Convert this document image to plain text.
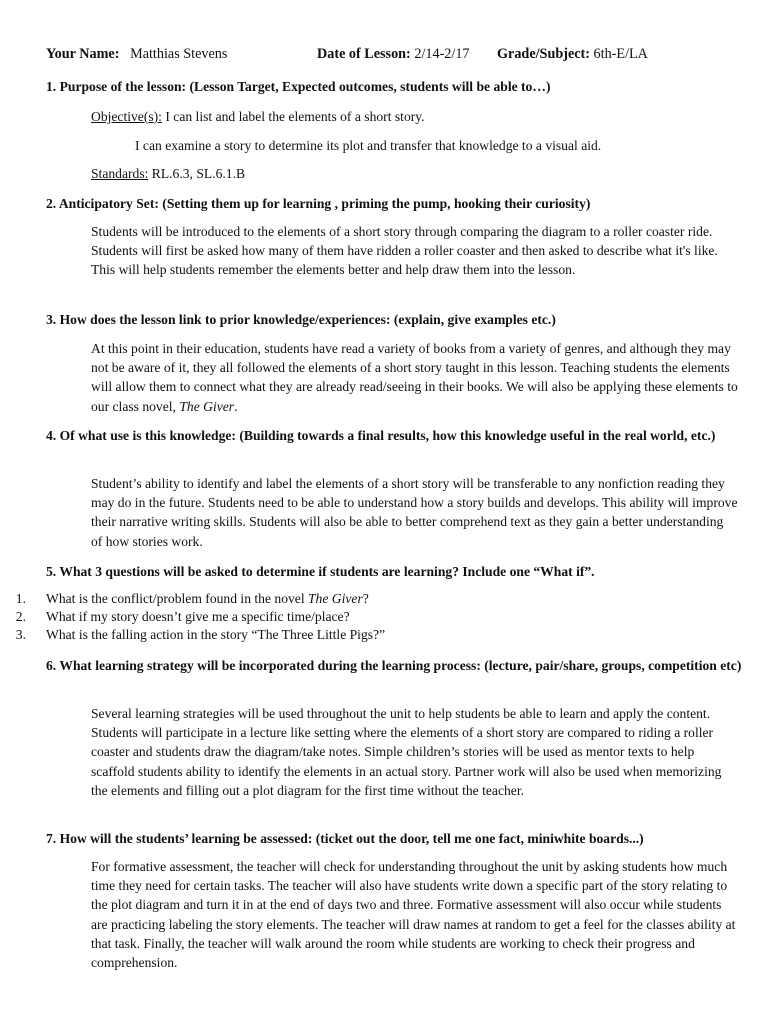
Your Name: Matthias Stevens	Date of Lesson: 2/14-2/17 Grade/Subject: 6th-E/LA
1. Purpose of the lesson: (Lesson Target, Expected outcomes, students will be able to…)
Objective(s): I can list and label the elements of a short story.
I can examine a story to determine its plot and transfer that knowledge to a visual aid.
Standards: RL.6.3, SL.6.1.B
2. Anticipatory Set: (Setting them up for learning , priming the pump, hooking their curiosity)
Students will be introduced to the elements of a short story through comparing the diagram to a roller coaster ride. Students will first be asked how many of them have ridden a roller coaster and then asked to describe what it's like. This will help students remember the elements better and help draw them into the lesson.
3. How does the lesson link to prior knowledge/experiences: (explain, give examples etc.)
At this point in their education, students have read a variety of books from a variety of genres, and although they may not be aware of it, they all followed the elements of a short story taught in this lesson. Teaching students the elements will allow them to connect what they are already read/seeing in their books. We will also be applying these elements to our class novel, The Giver.
4. Of what use is this knowledge: (Building towards a final results, how this knowledge useful in the real world, etc.)
Student’s ability to identify and label the elements of a short story will be transferable to any nonfiction reading they may do in the future. Students need to be able to understand how a story builds and develops. This ability will improve their narrative writing skills. Students will also be able to better comprehend text as they gain a better understanding of how stories work.
5. What 3 questions will be asked to determine if students are learning? Include one “What if”.
1. What is the conflict/problem found in the novel The Giver?
2. What if my story doesn’t give me a specific time/place?
3. What is the falling action in the story “The Three Little Pigs?”
6. What learning strategy will be incorporated during the learning process: (lecture, pair/share, groups, competition etc)
Several learning strategies will be used throughout the unit to help students be able to learn and apply the content. Students will participate in a lecture like setting where the elements of a short story are compared to riding a roller coaster and students draw the diagram/take notes. Simple children’s stories will be used as mentor texts to help scaffold students ability to identify the elements in an actual story. Partner work will also be used when memorizing the elements and filling out a plot diagram for the first time without the teacher.
7. How will the students’ learning be assessed: (ticket out the door, tell me one fact, miniwhite boards...)
For formative assessment, the teacher will check for understanding throughout the unit by asking students how much time they need for certain tasks. The teacher will also have students write down a specific part of the story relating to the plot diagram and turn it in at the end of days two and three. Formative assessment will also occur while students are practicing labeling the story elements. The teacher will draw names at random to get a feel for the classes ability at that task. Finally, the teacher will walk around the room while students are working to check their progress and comprehension.
